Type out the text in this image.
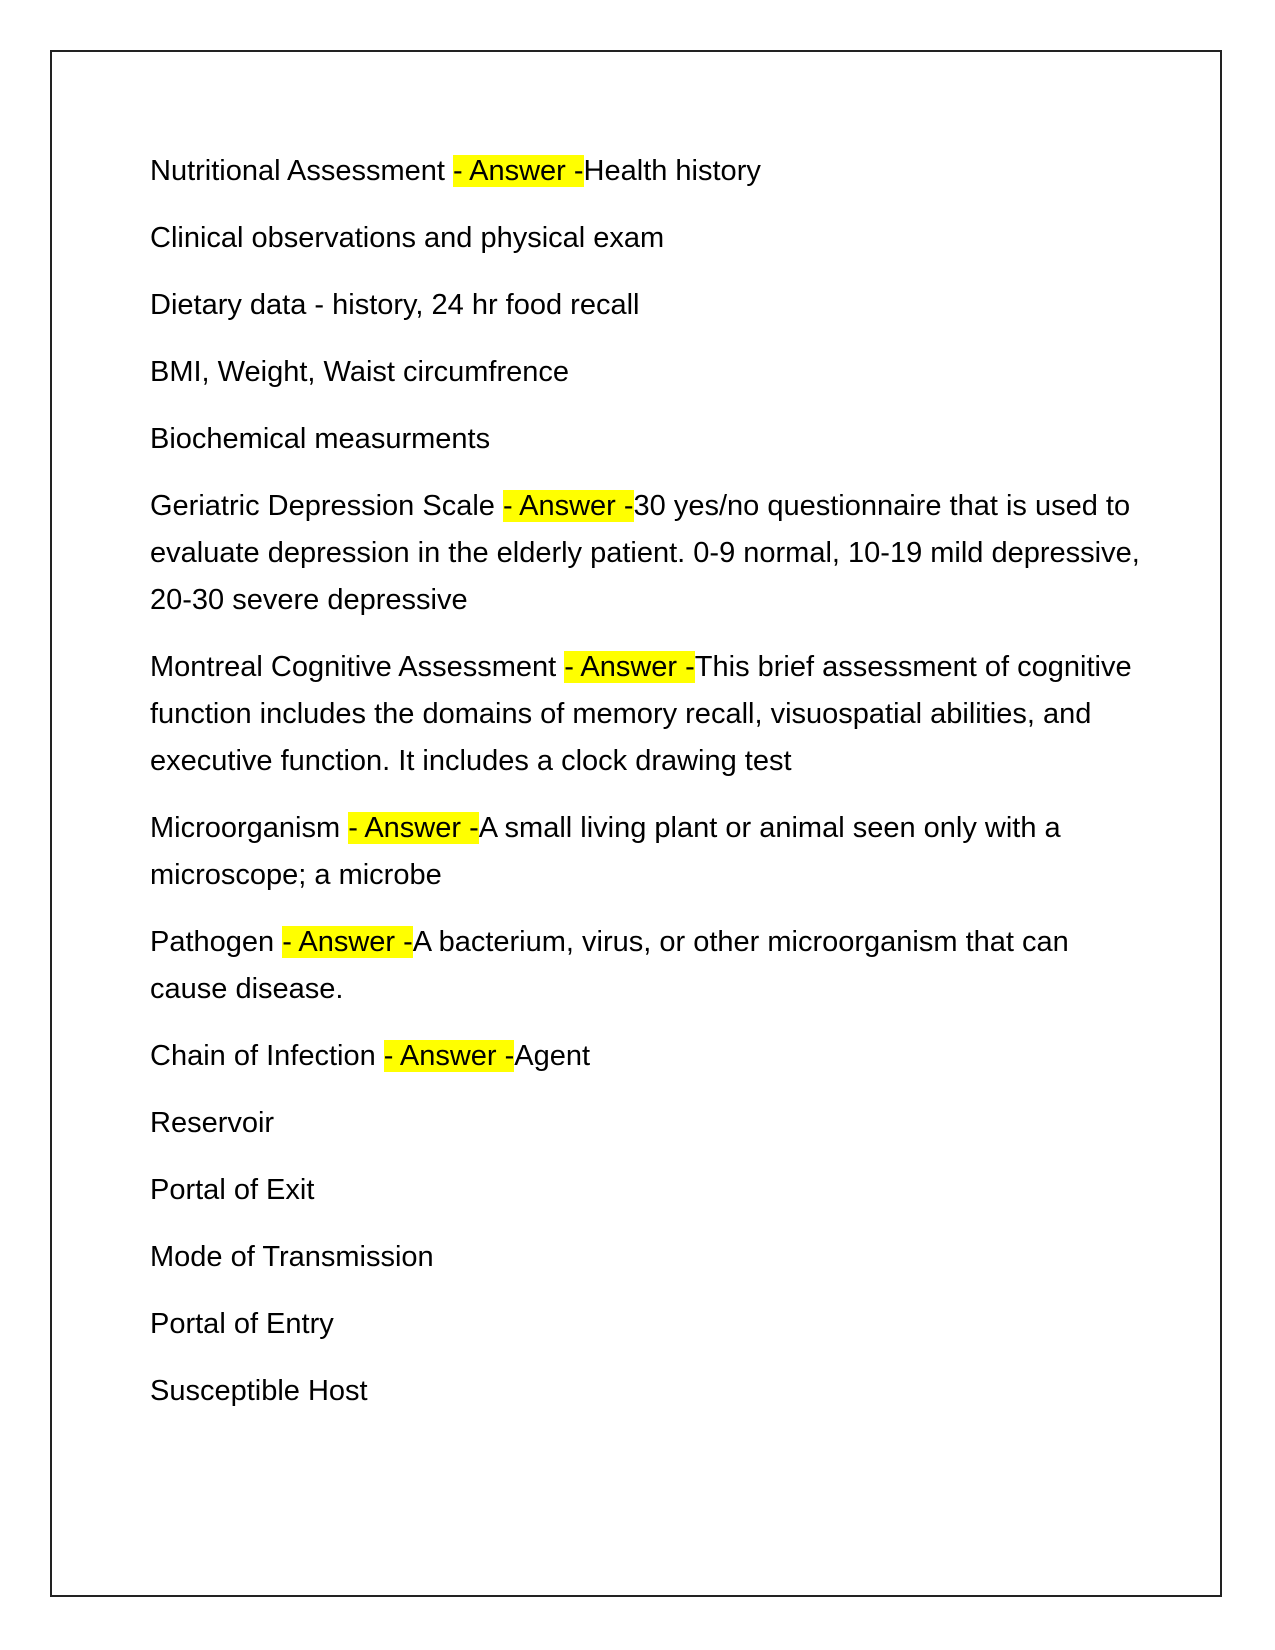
Nutritional Assessment - Answer -Health history

Clinical observations and physical exam

Dietary data - history, 24 hr food recall

BMI, Weight, Waist circumfrence

Biochemical measurments

Geriatric Depression Scale - Answer -30 yes/no questionnaire that is used to evaluate depression in the elderly patient. 0-9 normal, 10-19 mild depressive, 20-30 severe depressive

Montreal Cognitive Assessment - Answer -This brief assessment of cognitive function includes the domains of memory recall, visuospatial abilities, and executive function. It includes a clock drawing test

Microorganism - Answer -A small living plant or animal seen only with a microscope; a microbe

Pathogen - Answer -A bacterium, virus, or other microorganism that can cause disease.

Chain of Infection - Answer -Agent

Reservoir

Portal of Exit

Mode of Transmission

Portal of Entry

Susceptible Host
